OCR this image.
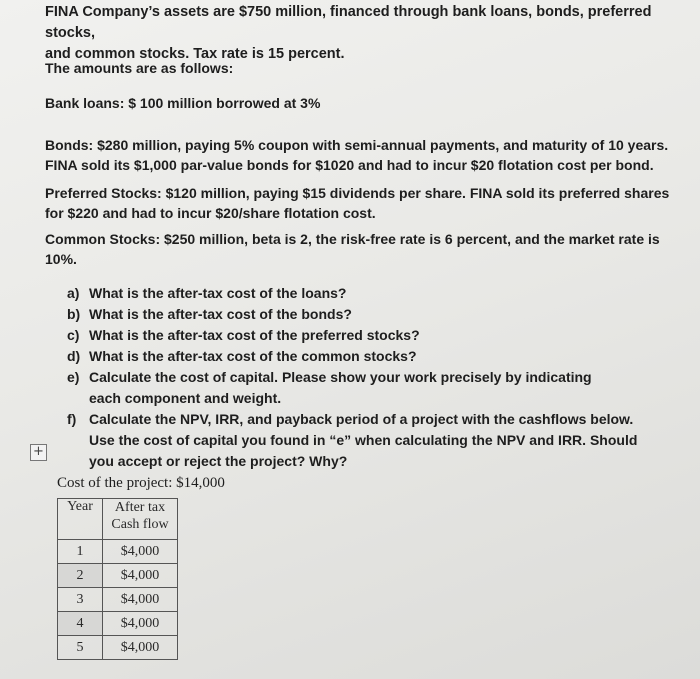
FINA Company’s assets are $750 million, financed through bank loans, bonds, preferred stocks,
and common stocks. Tax rate is 15 percent.
The amounts are as follows:
Bank loans: $ 100 million borrowed at 3%
Bonds: $280 million, paying 5% coupon with semi-annual payments, and maturity of 10 years.
FINA sold its $1,000 par-value bonds for $1020 and had to incur $20 flotation cost per bond.
Preferred Stocks: $120 million, paying $15 dividends per share. FINA sold its preferred shares
for $220 and had to incur $20/share flotation cost.
Common Stocks: $250 million, beta is 2, the risk-free rate is 6 percent, and the market rate is
10%.
a) What is the after-tax cost of the loans?
b) What is the after-tax cost of the bonds?
c) What is the after-tax cost of the preferred stocks?
d) What is the after-tax cost of the common stocks?
e) Calculate the cost of capital. Please show your work precisely by indicating each component and weight.
f) Calculate the NPV, IRR, and payback period of a project with the cashflows below. Use the cost of capital you found in “e” when calculating the NPV and IRR. Should you accept or reject the project? Why?
+
Cost of the project: $14,000
Year	After tax
Cash flow
1	$4,000
2	$4,000
3	$4,000
4	$4,000
5	$4,000
